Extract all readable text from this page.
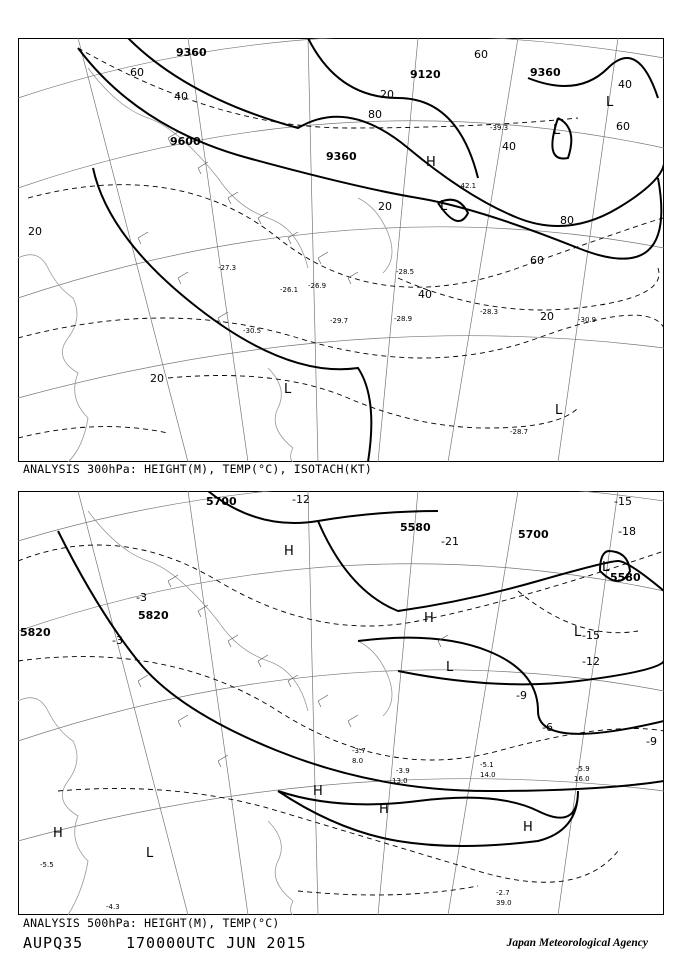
9360
9120	9360
9600
9360
60
40
80
60
20
40
60
20
40
20
80
60
40
20
20
H
L
L
L
L
L
-30.5
-28.5
-26.9
-29.7	-28.9
-28.3
-30.9
-28.7
-26.1
-27.3
-42.1
-39.3
ANALYSIS 300hPa: HEIGHT(M), TEMP(°C), ISOTACH(KT)
5700
5580
5700
5580
5820
5820
-12	-15
-18
-21
-15
-12
-9
-6
-9
-3
-3
H
H
H
H
H
H
L
L
L
L
-3.7
-3.9
-5.1	-5.9
-2.7
-4.3
-5.5
8.0
13.0
14.0	16.0
39.0
ANALYSIS 500hPa: HEIGHT(M), TEMP(°C)
AUPQ35	170000UTC JUN 2015	Japan Meteorological Agency
